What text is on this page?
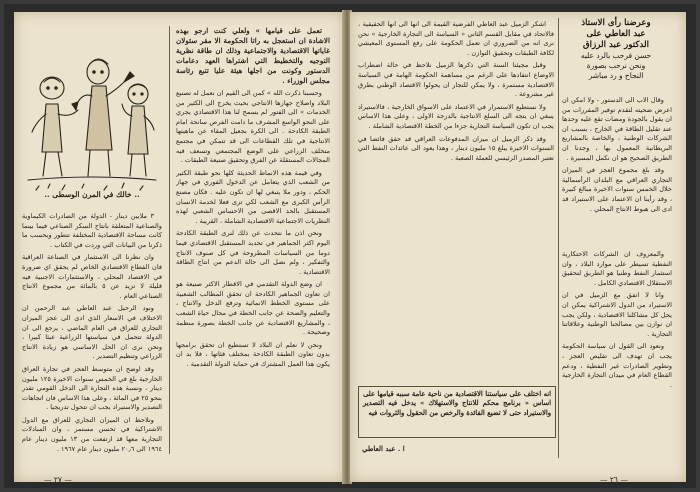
.. خالك في المرن الوسطى ..

تعمل على قيامها » ولعلي كنت ارجو بهذه الاشادة ان استعجل به راتا الحكومة الا مقر سئولان غاياتها الاقتصادية والاجتماعية وذلك ان طاقة نظرية التوجيه والتخطيط التي اشتراها العهد دعامات الدستور وكونت من اجلها هيئة عليا تتبع رئاسة مجلس الوزراء .

وحسبنا ذكرت الله » كمن الى القيم ان نعمل له تصنيع البلاد واصلاح جهازها الانتاجي بحيث يخرج الى الكثير من الخدمات » الى الفتور لم يسمح لنا هذا الاقتصادي يجري على النحو الواسع المشرف ما دامت الفرص سانحة امام الطبقة الكادحة . الى الكرة بجعيل المقاء عن ماهيتها الانتاجية في تلك القطاعات الى قد تتمكن في مجتمع متخلف الزراعي على الوضع المجتمعي وتسعف فيه المجالات المستقلة عن الفرق وتحقيق صنيعة الطبقات .

وفي قيمة هذه الانماط الحديثة كلها نحو طبقة الكثير من الشعب الذي يتعامل عن الدخول الفوري في جهاز الحكم ، ودور ملا ينبغي لها ان تكون عليه . فكان مصنع الرأس الكبرى مع الشعب لكي ترى فعلا لخدمة الانسان المستقبل بالحد الاقصى من الاحساس الشعبي لهذه النظريات الاجتماعية الاقتصادية الشاملة ، القريبة .

ونحن اذن ما نتحدث عن ذلك لنرى الطبقة الكادحة اليوم اكثر الجماهير في تحديد المستقبل الاقتصادي فيما دوما من السياسات المطروحة في كل صنوف الانتاج والتفكير ، ولم نصل الى حالة الدعم من انتاج الطاقة الاقتصادية .

ان وضع الدولة التقدمي في الاقطار الاكثر صنيعة هو ان تعاون الجماهير الكادحة ان تحقق المطالب الشعبية على مستوى الخطط الانمائية وترفع الدخل والانتاج ، والتعليم والصحة عن جانب الخطة في مجال حياة الشعب ، والمشاريع الاقتصادية عن جانب الخطة بصورة منظمة وصحيحة .

ونحن لا نعلم ان البلاد لا تستطيع ان تحقق برامجها بدون تعاون الطبقة الكادحة بمختلف فئاتها ، فلا بد ان يكون هذا العمل المشترك في حماية الدولة التقدمية .

٣ ملايين دينار - الدولة من الصادرات الكيماوية والصناعية المتعلقة بانتاج السكر الصناعي فيما بينما كانت مساحة الاقتصادية المختلفة تتطور وبحسب ما ذكرنا من البيانات التي وردت في الكتاب .

وان نظرنا الى الاستثمار في الصناعة العراقية فان القطاع الاقتصادي الخاص لم يحقق اي ضرورة في الاقتصاد المحلي ، والاستثمارات الاجنبية فيه قليلة لا تزيد عن ٥ بالمائة من مجموع الانتاج الصناعي العام .

ونود الرحيل عبد العاطي عبد الرحمن ان الاختلاف في الاسعار الذي ادى الى عجز الميزان التجاري للعراق في العام الماضي ، يرجع الى ان الدولة تتحمل في سياستها الزراعية عبئا كبيرا ، ونحن نرى ان الحل الاساسي هو زيادة الانتاج الزراعي وتنظيم التصدير .

وقد اوضح ان متوسط العجز في تجارة العراق الخارجية بلغ في الخمس سنوات الاخيرة ١٢٥ مليون دينار ، ونسبة هذه التجارة الى الدخل القومي تقدر بنحو ٢٥ في المائة ، وعلى هذا الاساس فان اتجاهات التصدير والاستيراد يجب ان تتحول تدريجيا .

ونلاحظ ان الميزان التجاري للعراق مع الدول الاشتراكية في تحسن مستمر ، وان المبادلات التجارية معها قد ارتفعت من ١٣ مليون دينار عام ١٩٦٤ الى ٢٠٫٦ مليون دينار عام ١٩٦٧ .

— ٢٧ —
وعرضنا رأى الاستاذ
عبد العاطي على
الدكتور عبد الرزاق
حسن فرحب بالرد عليه
ونحن نرحب بصورة
النجاح و رد مباشر

وقال الاب الى الدستور - ولا امكن ان اعرض ضحيته لتقدم توفير المقررات من ان يقول بالجودة ومضات تقع عليه وحدها عند تقليل الطاقة في الخارج ، بسبب ان الشركات الوطنية ، والخاصة بالمشاريع البريطانية المعمول بها ، وجدنا ان الطريق الصحيح هو ان نكمل المسيرة .

وقد بلغ مجموع العجز في الميزان التجاري العراقي مع البلدان الرأسمالية خلال الخمس سنوات الاخيرة مبالغ كبيرة ، وقد رأينا ان الاعتماد على الاستيراد قد ادى الى هبوط الانتاج المحلي .

والمعروف ان الشركات الاحتكارية النفطية تسيطر على موارد البلاد ، وان استثمار النفط وطنيا هو الطريق لتحقيق الاستقلال الاقتصادي الكامل .

وانا لا اتفق مع الزميل في ان الاستيراد من الدول الاشتراكية يمكن ان يحل كل مشاكلنا الاقتصادية ، ولكن يجب ان نوازن بين مصالحنا الوطنية وعلاقاتنا التجارية .

ونعود الى القول ان سياسة الحكومة يجب ان تهدف الى تقليص العجز ، وتطوير الصادرات غير النفطية ، ودعم القطاع العام في ميدان التجارة الخارجية .

اشكر الزميل عبد العاطي الفرضية القيمة الى انها الى انها الحقيقية ، فالاتحاد في مقابل القسم الثاني « السياسة الى التجارة الخارجية » نحن نرى انه من الضروري ان تعمل الحكومة على رفع المستوى المعيشي لكافة الطبقات وتحقيق التوازن .

وقبل مجيئنا السنة التي ذكرها الزميل نلاحظ في حالة اضطراب الاوضاع انتقادها على الرغم من مساهمة الحكومة الهامة في السياسة الاقتصادية مستمرة ، ولا يمكن للتجار ان يحولوا الاقتصاد الوطني بطرق غير مشروعة .

ولا نستطيع الاستمرار في الاعتماد على الاسواق الخارجية ، فالاستيراد ينبغي ان يتجه الى السلع الانتاجية بالدرجة الاولى ، وعلى هذا الاساس يجب ان تكون السياسة التجارية جزءا من الخطة الاقتصادية الشاملة .

وقد ذكر الزميل ان ميزان المدفوعات العراقي قد حقق فائضا في السنوات الاخيرة يبلغ ١٥ مليون دينار ، وهذا يعود الى عائدات النفط التي تعتبر المصدر الرئيسي للعملة الصعبة .

انه اختلف على سياستنا الاقتصادية من ناحية عامة سببه قيامها على اساس « برنامج محكم للانتاج والاستهلاك » يدخل فيه التصدير والاستيراد حتى لا تضيع الفائدة والرخص من الحقول والثروات فيه
ا . عبد العاطي
— ٢٦ —
